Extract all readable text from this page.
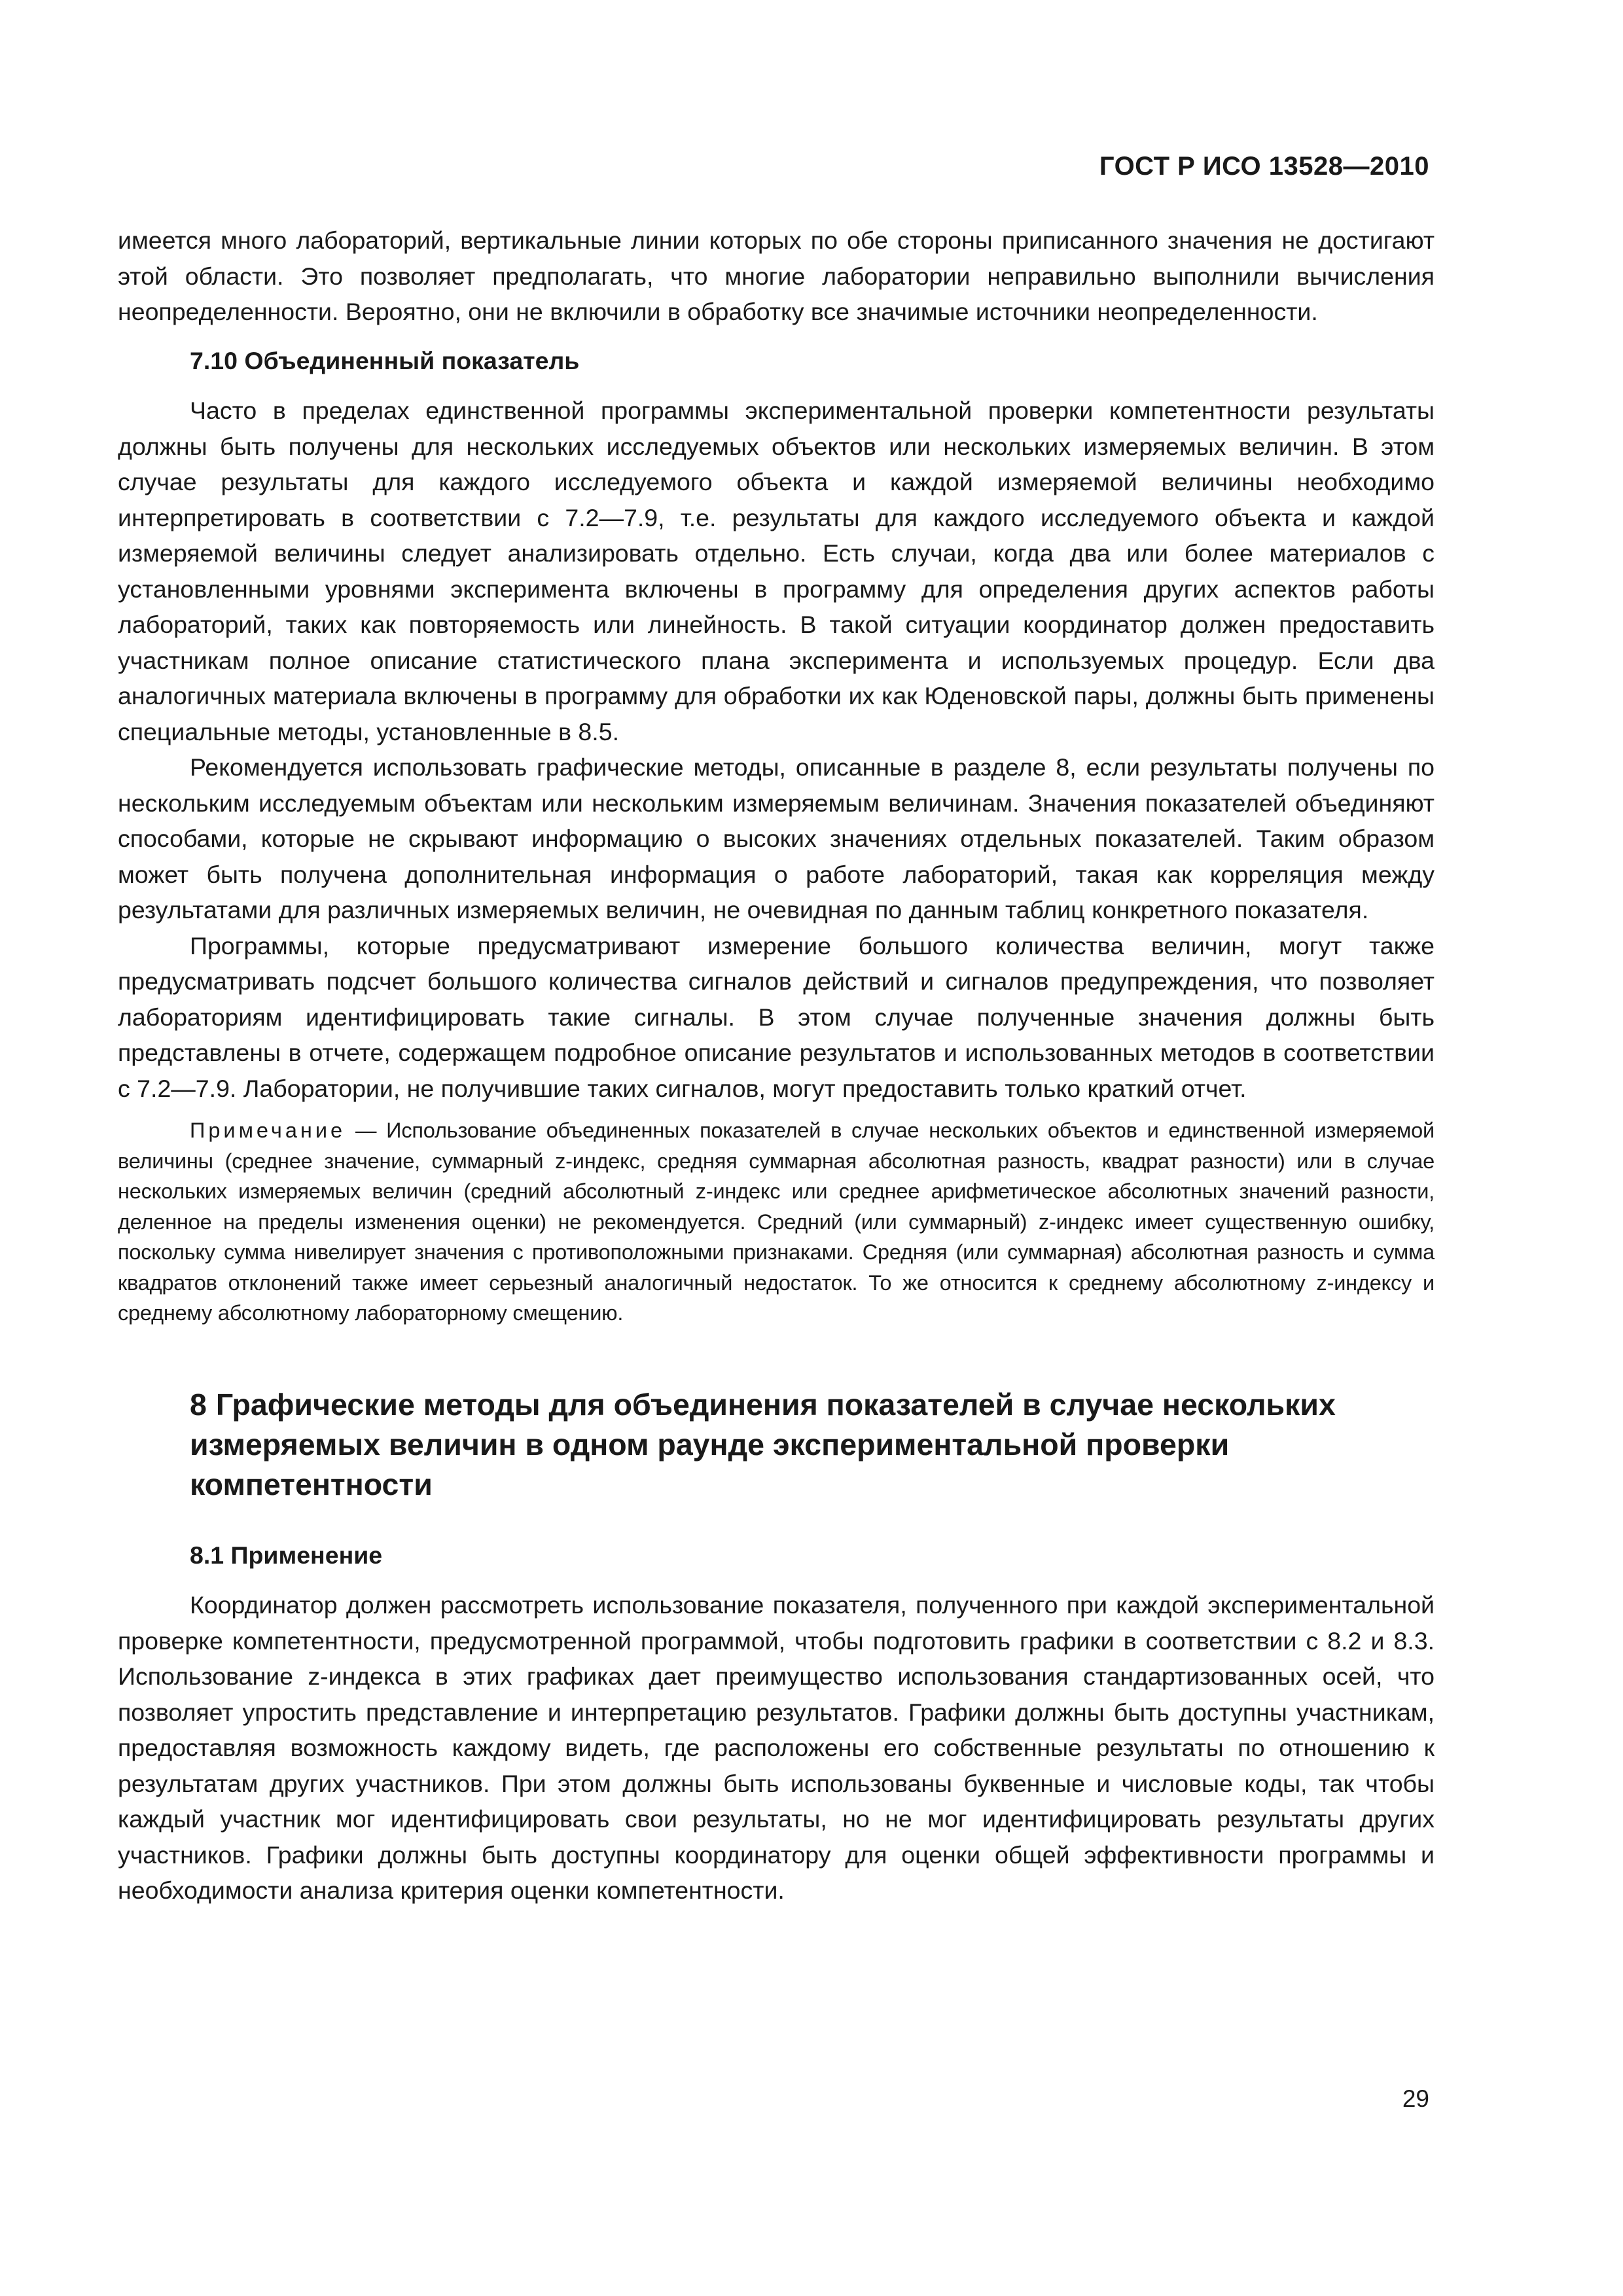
ГОСТ Р ИСО 13528—2010

имеется много лабораторий, вертикальные линии которых по обе стороны приписанного значения не достигают этой области. Это позволяет предполагать, что многие лаборатории неправильно выполнили вычисления неопределенности. Вероятно, они не включили в обработку все значимые источники неопределенности.

7.10 Объединенный показатель

Часто в пределах единственной программы экспериментальной проверки компетентности результаты должны быть получены для нескольких исследуемых объектов или нескольких измеряемых величин. В этом случае результаты для каждого исследуемого объекта и каждой измеряемой величины необходимо интерпретировать в соответствии с 7.2—7.9, т.е. результаты для каждого исследуемого объекта и каждой измеряемой величины следует анализировать отдельно. Есть случаи, когда два или более материалов с установленными уровнями эксперимента включены в программу для определения других аспектов работы лабораторий, таких как повторяемость или линейность. В такой ситуации координатор должен предоставить участникам полное описание статистического плана эксперимента и используемых процедур. Если два аналогичных материала включены в программу для обработки их как Юденовской пары, должны быть применены специальные методы, установленные в 8.5.

Рекомендуется использовать графические методы, описанные в разделе 8, если результаты получены по нескольким исследуемым объектам или нескольким измеряемым величинам. Значения показателей объединяют способами, которые не скрывают информацию о высоких значениях отдельных показателей. Таким образом может быть получена дополнительная информация о работе лабораторий, такая как корреляция между результатами для различных измеряемых величин, не очевидная по данным таблиц конкретного показателя.

Программы, которые предусматривают измерение большого количества величин, могут также предусматривать подсчет большого количества сигналов действий и сигналов предупреждения, что позволяет лабораториям идентифицировать такие сигналы. В этом случае полученные значения должны быть представлены в отчете, содержащем подробное описание результатов и использованных методов в соответствии с 7.2—7.9. Лаборатории, не получившие таких сигналов, могут предоставить только краткий отчет.

Примечание — Использование объединенных показателей в случае нескольких объектов и единственной измеряемой величины (среднее значение, суммарный z-индекс, средняя суммарная абсолютная разность, квадрат разности) или в случае нескольких измеряемых величин (средний абсолютный z-индекс или среднее арифметическое абсолютных значений разности, деленное на пределы изменения оценки) не рекомендуется. Средний (или суммарный) z-индекс имеет существенную ошибку, поскольку сумма нивелирует значения с противоположными признаками. Средняя (или суммарная) абсолютная разность и сумма квадратов отклонений также имеет серьезный аналогичный недостаток. То же относится к среднему абсолютному z-индексу и среднему абсолютному лабораторному смещению.
8 Графические методы для объединения показателей в случае нескольких измеряемых величин в одном раунде экспериментальной проверки компетентности
8.1 Применение

Координатор должен рассмотреть использование показателя, полученного при каждой экспериментальной проверке компетентности, предусмотренной программой, чтобы подготовить графики в соответствии с 8.2 и 8.3. Использование z-индекса в этих графиках дает преимущество использования стандартизованных осей, что позволяет упростить представление и интерпретацию результатов. Графики должны быть доступны участникам, предоставляя возможность каждому видеть, где расположены его собственные результаты по отношению к результатам других участников. При этом должны быть использованы буквенные и числовые коды, так чтобы каждый участник мог идентифицировать свои результаты, но не мог идентифицировать результаты других участников. Графики должны быть доступны координатору для оценки общей эффективности программы и необходимости анализа критерия оценки компетентности.

29
